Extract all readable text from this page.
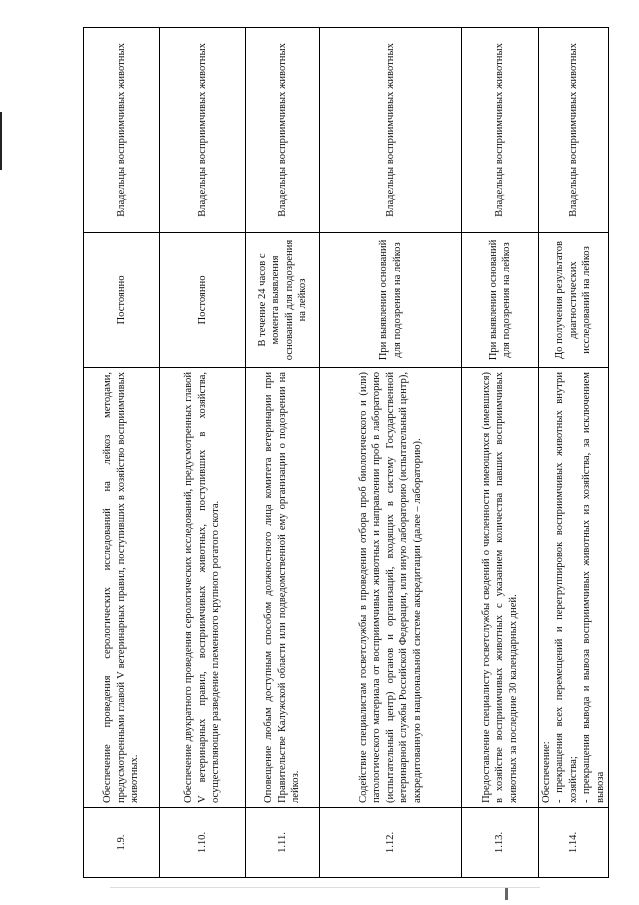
1.9.	Обеспечение проведения серологических исследований на лейкоз методами, предусмотренными главой V ветеринарных правил, поступивших в хозяйство восприимчивых животных.	Постоянно	Владельцы восприимчивых животных
1.10.	Обеспечение двукратного проведения серологических исследований, предусмотренных главой V ветеринарных правил, восприимчивых животных, поступивших в хозяйства, осуществляющие разведение племенного крупного рогатого скота.	Постоянно	Владельцы восприимчивых животных
1.11.	Оповещение любым доступным способом должностного лица комитета ветеринарии при Правительстве Калужской области или подведомственной ему организации о подозрении на лейкоз.	В течение 24 часов с момента выявления оснований для подозрения на лейкоз	Владельцы восприимчивых животных
1.12.	Содействие специалистам госветслужбы в проведении отбора проб биологического и (или) патологического материала от восприимчивых животных и направлении проб в лабораторию (испытательный центр) органов и организаций, входящих в систему Государственной ветеринарной службы Российской Федерации, или иную лабораторию (испытательный центр), аккредитованную в национальной системе аккредитации (далее – лабораторию).	При выявлении оснований для подозрения на лейкоз	Владельцы восприимчивых животных
1.13.	Предоставление специалисту госветслужбы сведений о численности имеющихся (имевшихся) в хозяйстве восприимчивых животных с указанием количества павших восприимчивых животных за последние 30 календарных дней.	При выявлении оснований для подозрения на лейкоз	Владельцы восприимчивых животных
1.14.	Обеспечение:
- прекращения всех перемещений и перегруппировок восприимчивых животных внутри хозяйства;
- прекращения вывода и вывоза восприимчивых животных из хозяйства, за исключением вывоза	До получения результатов диагностических исследований на лейкоз	Владельцы восприимчивых животных
